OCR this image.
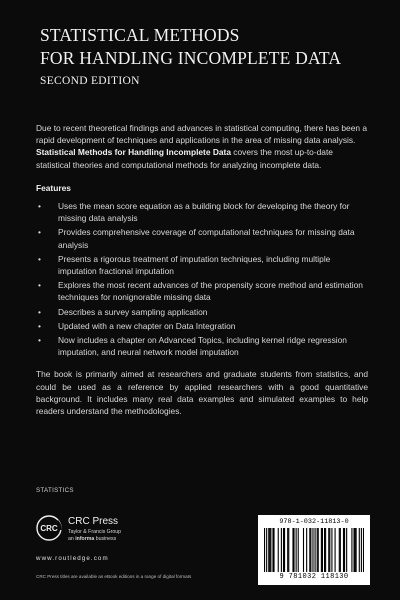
STATISTICAL METHODS
FOR HANDLING INCOMPLETE DATA
SECOND EDITION

Due to recent theoretical findings and advances in statistical computing, there has been a rapid development of techniques and applications in the area of missing data analysis. Statistical Methods for Handling Incomplete Data covers the most up-to-date statistical theories and computational methods for analyzing incomplete data.

Features

• Uses the mean score equation as a building block for developing the theory for missing data analysis
• Provides comprehensive coverage of computational techniques for missing data analysis
• Presents a rigorous treatment of imputation techniques, including multiple imputation fractional imputation
• Explores the most recent advances of the propensity score method and estimation techniques for nonignorable missing data
• Describes a survey sampling application
• Updated with a new chapter on Data Integration
• Now includes a chapter on Advanced Topics, including kernel ridge regression imputation, and neural network model imputation

The book is primarily aimed at researchers and graduate students from statistics, and could be used as a reference by applied researchers with a good quantitative background. It includes many real data examples and simulated examples to help readers understand the methodologies.

STATISTICS
CRC
CRC Press
Taylor & Francis Group
an informa business
www.routledge.com
CRC Press titles are available as eBook editions in a range of digital formats
978-1-032-11813-0
9 781032 118130
